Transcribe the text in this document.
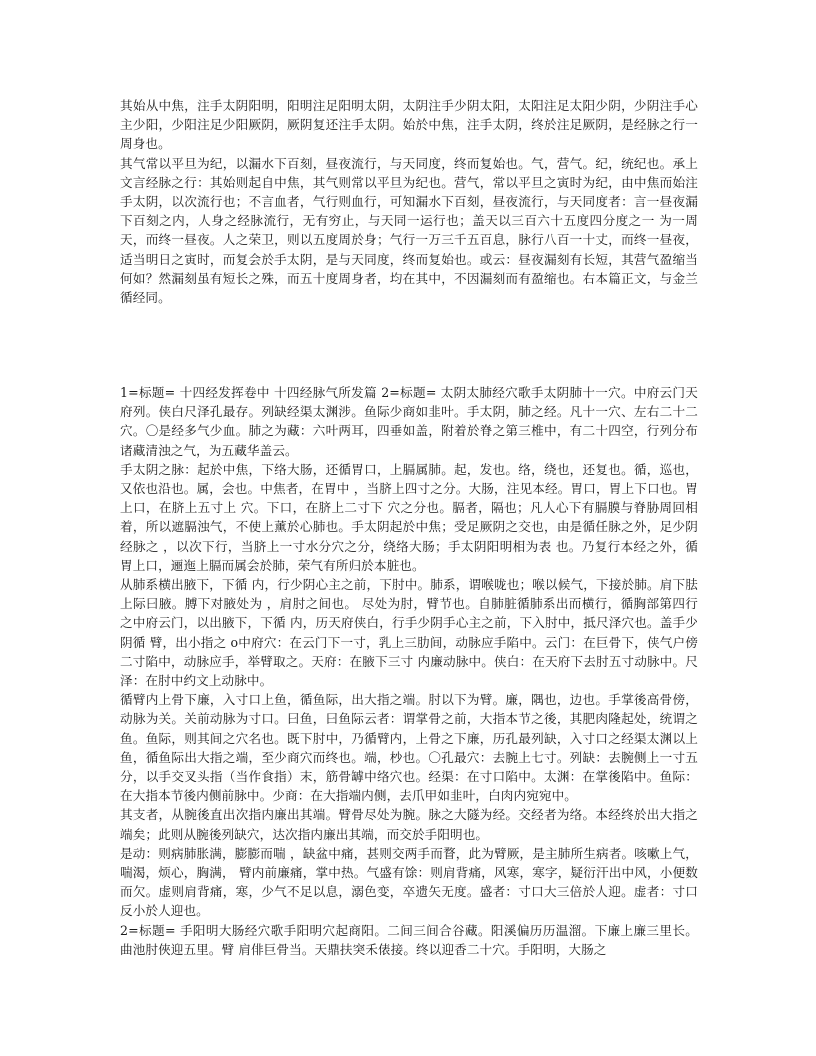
其始从中焦，注手太阴阳明，阳明注足阳明太阴，太阴注手少阴太阳，太阳注足太阳少阴，少阴注手心主少阳，少阳注足少阳厥阴，厥阴复还注手太阴。始於中焦，注手太阴，终於注足厥阴，是经脉之行一周身也。

其气常以平旦为纪，以漏水下百刻，昼夜流行，与天同度，终而复始也。气，营气。纪，统纪也。承上文言经脉之行：其始则起自中焦，其气则常以平旦为纪也。营气，常以平旦之寅时为纪，由中焦而始注手太阴，以次流行也；不言血者，气行则血行，可知漏水下百刻，昼夜流行，与天同度者：言一昼夜漏下百刻之内，人身之经脉流行，无有穷止，与天同一运行也；盖天以三百六十五度四分度之一 为一周天，而终一昼夜。人之荣卫，则以五度周於身；气行一万三千五百息，脉行八百一十丈，而终一昼夜，适当明日之寅时，而复会於手太阴，是与天同度，终而复始也。或云：昼夜漏刻有长短，其营气盈缩当何如？然漏刻虽有短长之殊，而五十度周身者，均在其中，不因漏刻而有盈缩也。右本篇正文，与金兰循经同。

1=标题= 十四经发挥卷中 十四经脉气所发篇 2=标题= 太阴太肺经穴歌手太阴肺十一穴。中府云门天府列。侠白尺泽孔最存。列缺经渠太渊涉。鱼际少商如韭叶。手太阴，肺之经。凡十一穴、左右二十二穴。〇是经多气少血。肺之为藏：六叶两耳，四垂如盖，附着於脊之第三椎中，有二十四空，行列分布诸藏清浊之气，为五藏华盖云。

手太阴之脉：起於中焦，下络大肠，还循胃口，上膈属肺。起，发也。络，绕也，还复也。循，巡也，又依也沿也。属，会也。中焦者，在胃中 ，当脐上四寸之分。大肠，注见本经。胃口，胃上下口也。胃上口，在脐上五寸上 穴。下口，在脐上二寸下 穴之分也。膈者，隔也；凡人心下有膈膜与脊胁周回相着，所以遮膈浊气，不使上薰於心肺也。手太阴起於中焦；受足厥阴之交也，由是循任脉之外，足少阴经脉之 ，以次下行，当脐上一寸水分穴之分，绕络大肠；手太阴阳明相为表 也。乃复行本经之外，循胃上口，逦迤上膈而属会於肺，荣气有所归於本脏也。

从肺系横出腋下，下循 内，行少阴心主之前，下肘中。肺系，谓喉咙也；喉以候气，下接於肺。肩下胠上际曰腋。膊下对腋处为 ，肩肘之间也。 尽处为肘，臂节也。自肺脏循肺系出而横行，循胸部第四行之中府云门，以出腋下，下循 内，历天府侠白，行手少阴手心主之前，下入肘中，抵尺泽穴也。盖手少阴循 臂，出小指之 o中府穴：在云门下一寸，乳上三肋间，动脉应手陷中。云门：在巨骨下，侠气户傍二寸陷中，动脉应手，举臂取之。天府：在腋下三寸 内廉动脉中。侠白：在天府下去肘五寸动脉中。尺泽：在肘中约文上动脉中。

循臂内上骨下廉，入寸口上鱼，循鱼际，出大指之端。肘以下为臂。廉，隅也，边也。手掌後高骨傍，动脉为关。关前动脉为寸口。曰鱼，曰鱼际云者：谓掌骨之前，大指本节之後，其肥肉隆起处，统谓之鱼。鱼际，则其间之穴名也。既下肘中，乃循臂内，上骨之下廉，历孔最列缺，入寸口之经渠太渊以上鱼，循鱼际出大指之端，至少商穴而终也。端，杪也。〇孔最穴：去腕上七寸。列缺：去腕侧上一寸五分，以手交叉头指（当作食指）末，筋骨罅中络穴也。经渠：在寸口陷中。太渊：在掌後陷中。鱼际：在大指本节後内侧前脉中。少商：在大指端内侧，去爪甲如韭叶，白肉内宛宛中。

其支者，从腕後直出次指内廉出其端。臂骨尽处为腕。脉之大隧为经。交经者为络。本经终於出大指之端矣；此则从腕後列缺穴，达次指内廉出其端，而交於手阳明也。

是动：则病肺胀满，膨膨而喘 ，缺盆中痛，甚则交两手而瞀，此为臂厥，是主肺所生病者。咳嗽上气，喘渴，烦心，胸满， 臂内前廉痛，掌中热。气盛有馀：则肩背痛，风寒，寒字，疑衍汗出中风，小便数而欠。虚则肩背痛，寒，少气不足以息，溺色变，卒遗矢无度。盛者：寸口大三倍於人迎。虚者：寸口反小於人迎也。

2=标题= 手阳明大肠经穴歌手阳明穴起商阳。二间三间合谷藏。阳溪偏历历温溜。下廉上廉三里长。曲池肘俠迎五里。臂 肩俳巨骨当。天鼎扶突禾俵接。终以迎香二十穴。手阳明，大肠之
